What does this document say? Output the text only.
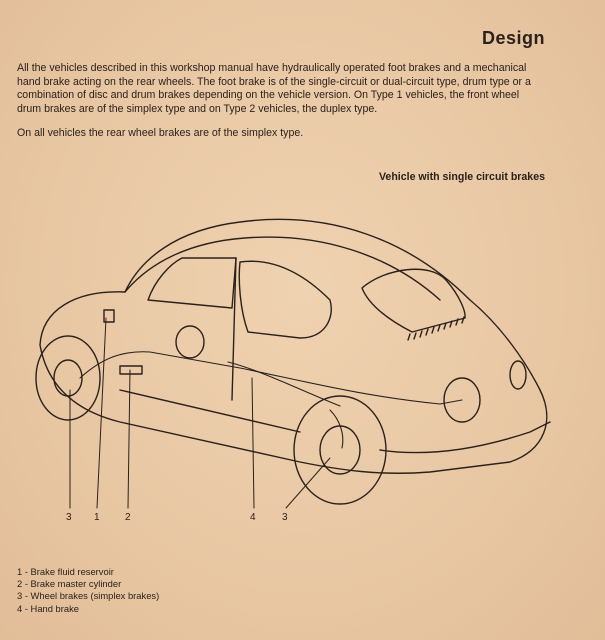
Design

All the vehicles described in this workshop manual have hydraulically operated foot brakes and a mechanical hand brake acting on the rear wheels. The foot brake is of the single-circuit or dual-circuit type, drum type or a combination of disc and drum brakes depending on the vehicle version. On Type 1 vehicles, the front wheel drum brakes are of the simplex type and on Type 2 vehicles, the duplex type.

On all vehicles the rear wheel brakes are of the simplex type.

Vehicle with single circuit brakes
3 1	2	4	3
1 - Brake fluid reservoir
2 - Brake master cylinder
3 - Wheel brakes (simplex brakes)
4 - Hand brake
